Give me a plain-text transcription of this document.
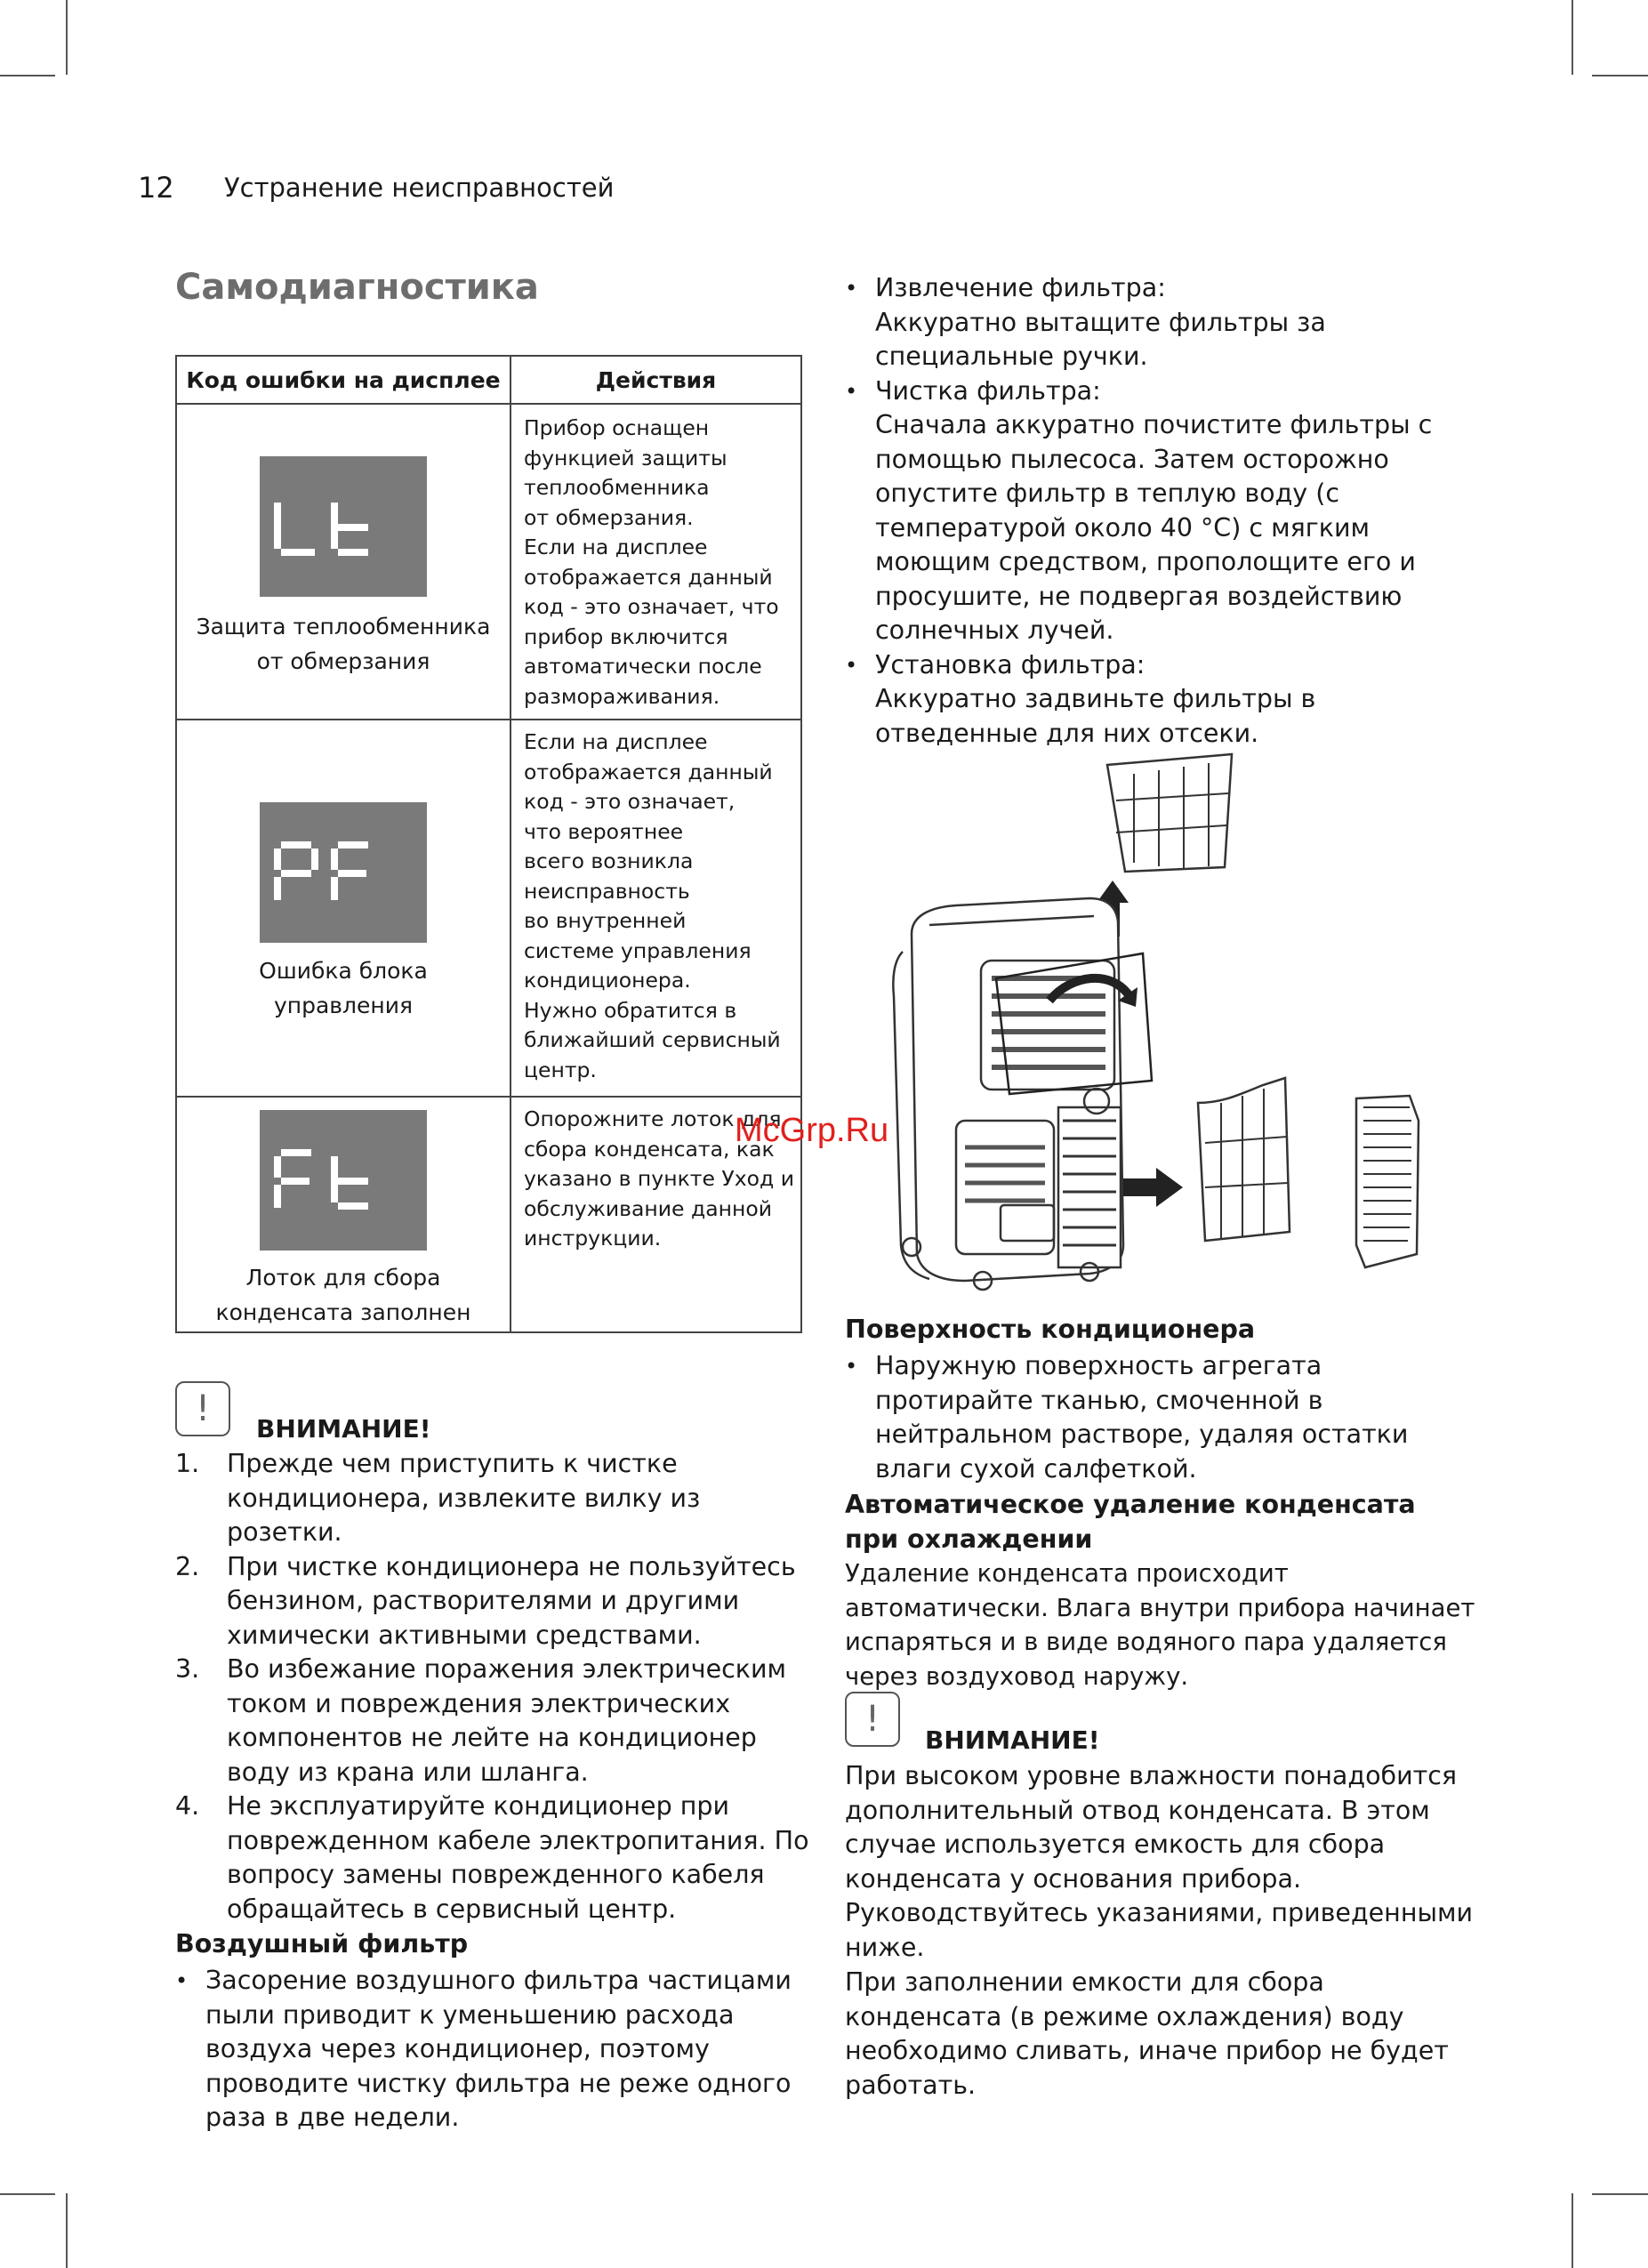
12 Устранение неисправностей
Самодиагностика
Код ошибки на дисплее	Действия
Защита теплообменника
от обмерзания
Прибор оснащен
функцией защиты
теплообменника
от обмерзания.
Если на дисплее
отображается данный
код - это означает, что
прибор включится
автоматически после
размораживания.
Ошибка блока
управления
Если на дисплее
отображается данный
код - это означает,
что вероятнее
всего возникла
неисправность
во внутренней
системе управления
кондиционера.
Нужно обратится в
ближайший сервисный
центр.
Лоток для сбора
конденсата заполнен
Опорожните лоток для
сбора конденсата, как
указано в пункте Уход и
обслуживание данной
инструкции.
!	ВНИМАНИЕ!
1. Прежде чем приступить к чистке кондиционера, извлеките вилку из розетки.
2. При чистке кондиционера не пользуйтесь бензином, растворителями и другими химически активными средствами.
3. Во избежание поражения электрическим током и повреждения электрических компонентов не лейте на кондиционер воду из крана или шланга.
4. Не эксплуатируйте кондиционер при поврежденном кабеле электропитания. По вопросу замены поврежденного кабеля обращайтесь в сервисный центр.
Воздушный фильтр
• Засорение воздушного фильтра частицами пыли приводит к уменьшению расхода воздуха через кондиционер, поэтому проводите чистку фильтра не реже одного раза в две недели.
• Извлечение фильтра:
Аккуратно вытащите фильтры за специальные ручки.
• Чистка фильтра:
Сначала аккуратно почистите фильтры с помощью пылесоса. Затем осторожно опустите фильтр в теплую воду (с температурой около 40 °С) с мягким моющим средством, прополощите его и просушите, не подвергая воздействию солнечных лучей.
• Установка фильтра:
Аккуратно задвиньте фильтры в отведенные для них отсеки.
McGrp.Ru
Поверхность кондиционера
• Наружную поверхность агрегата протирайте тканью, смоченной в нейтральном растворе, удаляя остатки влаги сухой салфеткой.
Автоматическое удаление конденсата
при охлаждении
Удаление конденсата происходит автоматически. Влага внутри прибора начинает испаряться и в виде водяного пара удаляется через воздуховод наружу.
!
ВНИМАНИЕ!
При высоком уровне влажности понадобится дополнительный отвод конденсата. В этом случае используется емкость для сбора конденсата у основания прибора. Руководствуйтесь указаниями, приведенными ниже.
При заполнении емкости для сбора конденсата (в режиме охлаждения) воду необходимо сливать, иначе прибор не будет работать.
